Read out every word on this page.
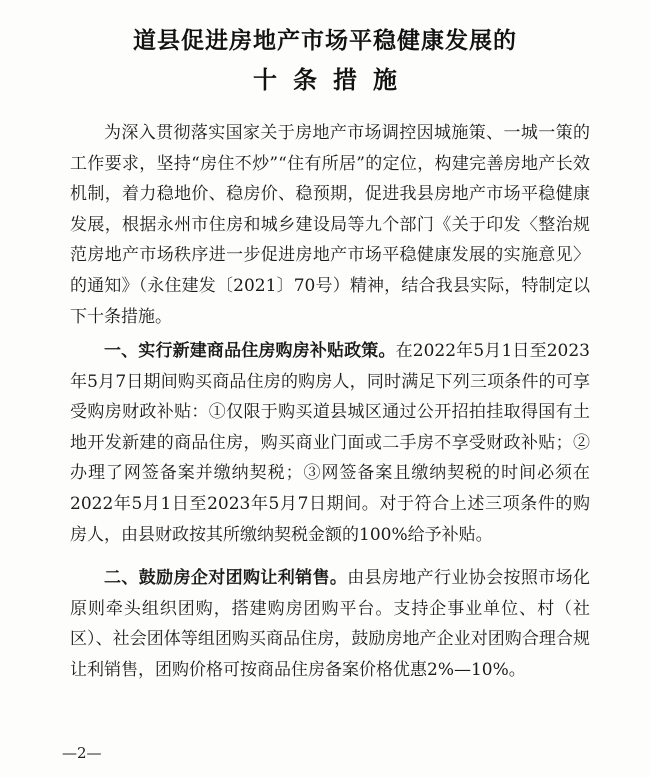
道县促进房地产市场平稳健康发展的
十条措施

为深入贯彻落实国家关于房地产市场调控因城施策、一城一策的工作要求，坚持“房住不炒”“住有所居”的定位，构建完善房地产长效机制，着力稳地价、稳房价、稳预期，促进我县房地产市场平稳健康发展，根据永州市住房和城乡建设局等九个部门《关于印发〈整治规范房地产市场秩序进一步促进房地产市场平稳健康发展的实施意见〉的通知》（永住建发〔2021〕70号）精神，结合我县实际，特制定以下十条措施。

一、实行新建商品住房购房补贴政策。在2022年5月1日至2023年5月7日期间购买商品住房的购房人，同时满足下列三项条件的可享受购房财政补贴：①仅限于购买道县城区通过公开招拍挂取得国有土地开发新建的商品住房，购买商业门面或二手房不享受财政补贴；②办理了网签备案并缴纳契税；③网签备案且缴纳契税的时间必须在2022年5月1日至2023年5月7日期间。对于符合上述三项条件的购房人，由县财政按其所缴纳契税金额的100%给予补贴。

二、鼓励房企对团购让利销售。由县房地产行业协会按照市场化原则牵头组织团购，搭建购房团购平台。支持企事业单位、村（社区）、社会团体等组团购买商品住房，鼓励房地产企业对团购合理合规让利销售，团购价格可按商品住房备案价格优惠2%—10%。

—2—
